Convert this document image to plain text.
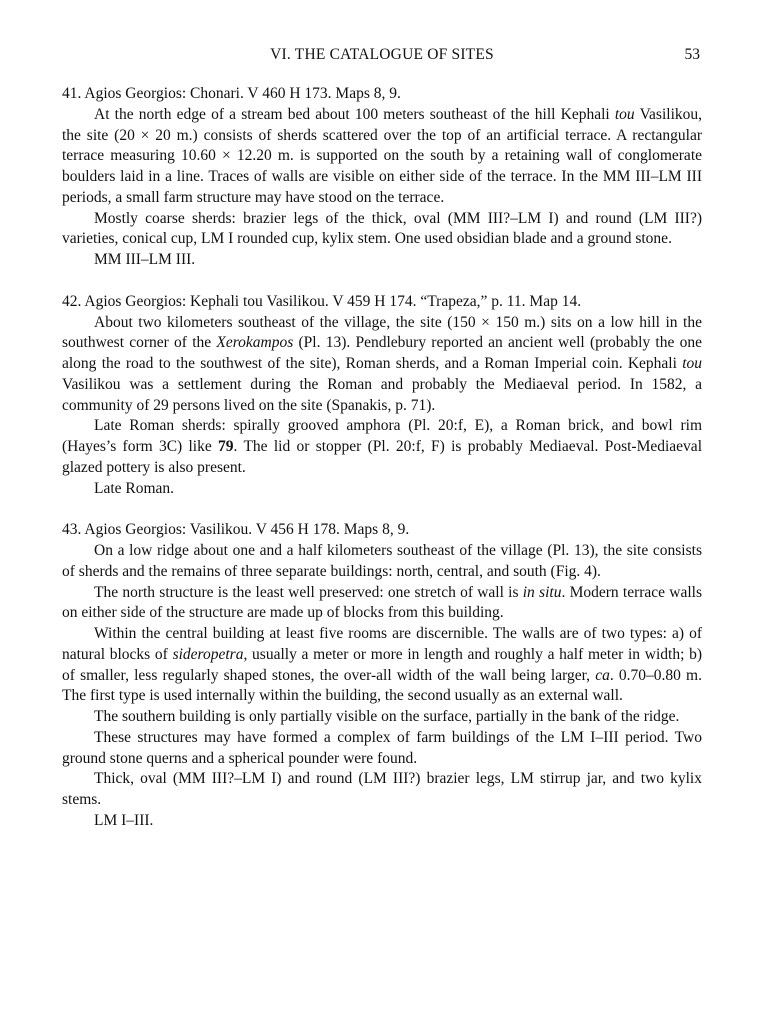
VI. THE CATALOGUE OF SITES	53

41. Agios Georgios: Chonari. V 460 H 173. Maps 8, 9.

At the north edge of a stream bed about 100 meters southeast of the hill Kephali tou Vasilikou, the site (20 × 20 m.) consists of sherds scattered over the top of an artificial terrace. A rectangular terrace measuring 10.60 × 12.20 m. is supported on the south by a retaining wall of conglomerate boulders laid in a line. Traces of walls are visible on either side of the terrace. In the MM III–LM III periods, a small farm structure may have stood on the terrace.

Mostly coarse sherds: brazier legs of the thick, oval (MM III?–LM I) and round (LM III?) varieties, conical cup, LM I rounded cup, kylix stem. One used obsidian blade and a ground stone.

MM III–LM III.

42. Agios Georgios: Kephali tou Vasilikou. V 459 H 174. “Trapeza,” p. 11. Map 14.

About two kilometers southeast of the village, the site (150 × 150 m.) sits on a low hill in the southwest corner of the Xerokampos (Pl. 13). Pendlebury reported an ancient well (probably the one along the road to the southwest of the site), Roman sherds, and a Roman Imperial coin. Kephali tou Vasilikou was a settlement during the Roman and probably the Mediaeval period. In 1582, a community of 29 persons lived on the site (Spanakis, p. 71).

Late Roman sherds: spirally grooved amphora (Pl. 20:f, E), a Roman brick, and bowl rim (Hayes’s form 3C) like 79. The lid or stopper (Pl. 20:f, F) is probably Mediaeval. Post-Mediaeval glazed pottery is also present.

Late Roman.

43. Agios Georgios: Vasilikou. V 456 H 178. Maps 8, 9.

On a low ridge about one and a half kilometers southeast of the village (Pl. 13), the site consists of sherds and the remains of three separate buildings: north, central, and south (Fig. 4).

The north structure is the least well preserved: one stretch of wall is in situ. Modern terrace walls on either side of the structure are made up of blocks from this building.

Within the central building at least five rooms are discernible. The walls are of two types: a) of natural blocks of sideropetra, usually a meter or more in length and roughly a half meter in width; b) of smaller, less regularly shaped stones, the over-all width of the wall being larger, ca. 0.70–0.80 m. The first type is used internally within the building, the second usually as an external wall.

The southern building is only partially visible on the surface, partially in the bank of the ridge.

These structures may have formed a complex of farm buildings of the LM I–III period. Two ground stone querns and a spherical pounder were found.

Thick, oval (MM III?–LM I) and round (LM III?) brazier legs, LM stirrup jar, and two kylix stems.

LM I–III.
